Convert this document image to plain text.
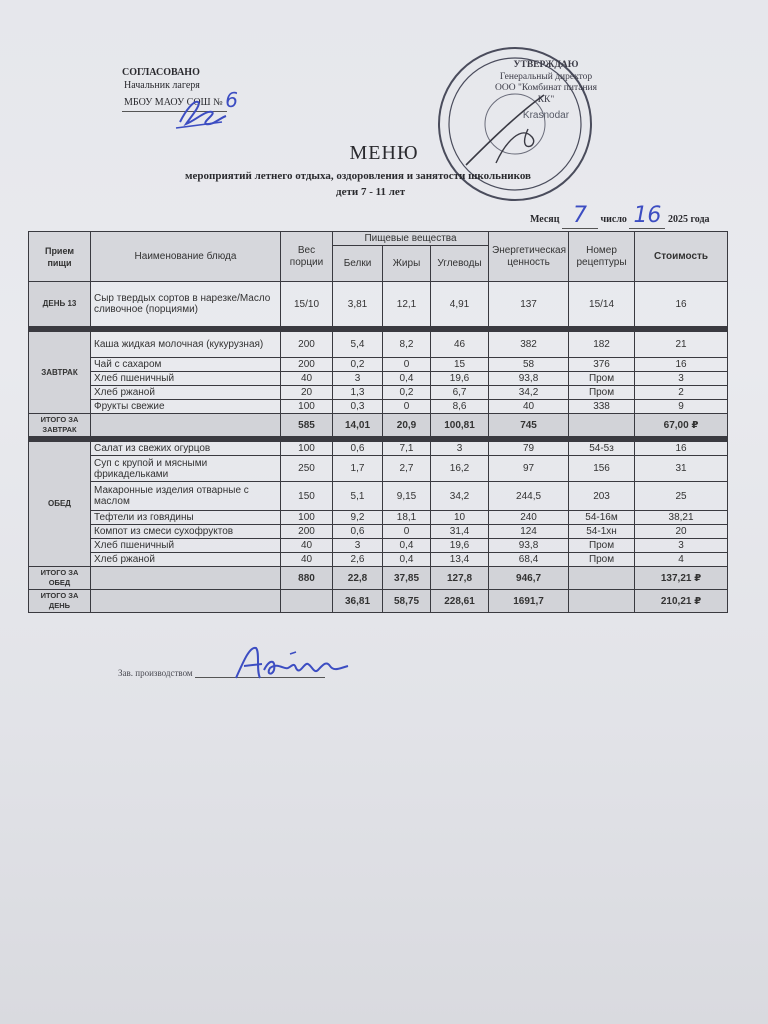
СОГЛАСОВАНО
Начальник лагеря
МБОУ МАОУ СОШ № 6
УТВЕРЖДАЮ
Генеральный директор
ООО "Комбинат питания КК"
Krasnodar
МЕНЮ
мероприятий летнего отдыха, оздоровления и занятости школьников
дети 7 - 11 лет
Месяц 7 число 16 2025 года
Прием пищи	Наименование блюда	Вес порции	Пищевые вещества			Энергетическая ценность	Номер рецептуры	Стоимость
			Белки	Жиры	Углеводы			
ДЕНЬ 13	Сыр твердых сортов в нарезке/Масло сливочное (порциями)	15/10	3,81	12,1	4,91	137	15/14	16

ЗАВТРАК	Каша жидкая молочная (кукурузная)	200	5,4	8,2	46	382	182	21
	Чай с сахаром	200	0,2	0	15	58	376	16
	Хлеб пшеничный	40	3	0,4	19,6	93,8	Пром	3
	Хлеб ржаной	20	1,3	0,2	6,7	34,2	Пром	2
	Фрукты свежие	100	0,3	0	8,6	40	338	9
ИТОГО ЗА ЗАВТРАК		585	14,01	20,9	100,81	745		67,00 ₽

ОБЕД	Салат из свежих огурцов	100	0,6	7,1	3	79	54-5з	16
	Суп с крупой и мясными фрикадельками	250	1,7	2,7	16,2	97	156	31
	Макаронные изделия отварные с маслом	150	5,1	9,15	34,2	244,5	203	25
	Тефтели из говядины	100	9,2	18,1	10	240	54-16м	38,21
	Компот из смеси сухофруктов	200	0,6	0	31,4	124	54-1хн	20
	Хлеб пшеничный	40	3	0,4	19,6	93,8	Пром	3
	Хлеб ржаной	40	2,6	0,4	13,4	68,4	Пром	4
ИТОГО ЗА ОБЕД		880	22,8	37,85	127,8	946,7		137,21 ₽
ИТОГО ЗА ДЕНЬ			36,81	58,75	228,61	1691,7		210,21 ₽
Зав. производством
